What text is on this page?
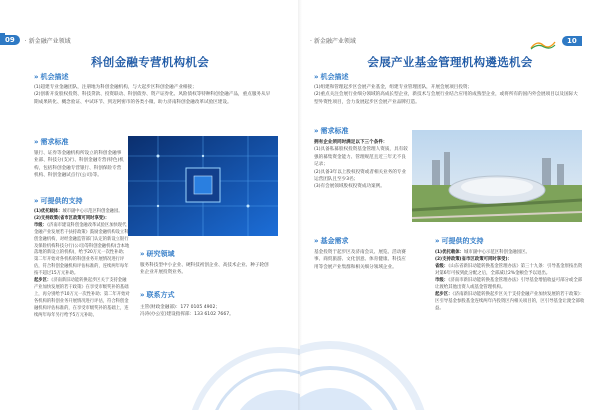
09	· 新金融产业领域
科创金融专营机构机会
» 机会描述

(1)超建专业金融团队，注册地为科创金融机构，与大起步区科创金融产业相接；

(2)创新开发股权投资、科技贷款、投资联动、科创债券、资产证券化、风险债权等特种科创金融产品，重点服务从早期成果转化、概念验证、中试环节、到迈阿密市的各类小微、助力济南科创金融改革试验区建设。

» 需求标准

银行、证券等金融机构所设立的科创金融事业部、科技分(支)行、科创金融专营(特色)机构，包括科创金融专营银行、科创保险专营机构、科创金融试点行(公司)等。

» 可提供的支持

(1)优托载体：城市副中心示范区科创金融园。

(2)支持政策(省市区政策可同时享受)：

市级：《济南市建设科创金融改革试验区加快现代金融产业发展若干扶持政策》鼓励金融机构设立科创金融机构，对经金融监管部门认定的新设立银行及保险机构科技分行(公司)等科创金融机构(含本地落地的新设立的机构)，给予20万元一次性补助；第二年开始对各机构的科创业务开展情况进行评估，符合科创金融机构评估标准的，连续两年每年按不超过15万元补助。

起步区：《济南新旧动能转换起步区关于支持金融产业加快发展的若干政策》在享受市级奖补的基础上，再分别给予10万元一次性补助；第二年开始对各机构的科创业务开展情况进行评估，符合科创金融机构评估标准的，在享受市级奖补的基础上，连续两年每年另行给予5万元补助。

» 研究领域

服务科技型中小企业、硬科技初创企业、高技术企业、种子轮创业企业开展投资业务。

» 联系方式

主管(财政金融部)：177 0105 4902；

冯涛(办公室)建设指挥部：133 6102 7667。

· 新金融产业领域	10
会展产业基金管理机构遴选机会
» 机会描述

(1)组建和管理起步区会展产业基金，组建专业管理团队，开展会展项目投资；

(2)重点关注会展行业细分领域的高成长型企业，新技术与会展行业结合应用的成熟型企业，或将所有的国内外会展项目以及国际大型外资性项目，会力发展起步区会展产业品牌打造。

» 需求标准

拥有企业须同时满足以下三个条件：

(1)具备私募股权投资基金管理人资质，具有较强的募集资金能力、管理规范且近三年无不良记录；

(2)具备3年以上股权投资或者相关业务的专业运营团队且至少3名；

(3)有会展领域股权投资成功案例。

» 基金需求

基金投资于起步区及济南会议、展览、活动赛事、商贸旅游、文化创意、体育健康、科技应用等会展产业集群和相关细分领域企业。

» 可提供的支持

(1)优托载体：城市副中心示范区科创金融园区。

(2)支持政策(省市区政策可同时享受)：

省级：《山东省新旧动能转换基金管理办法》第三十九条：引导基金原按出资对第6年可按到此分配之后，全部减让2%金额会予以退出。

市级：《济南市新旧动能转换基金管理办法》引导基金增值收益可部分或全部让渡给其他出资人或基金管理机构。

起步区：《济南新旧动能转换起步区关于支持金融产业加快发展的若干政策》：区引导基金参股基金连续两年内投资区内相关项目的，区引导基金让渡全部收益。
